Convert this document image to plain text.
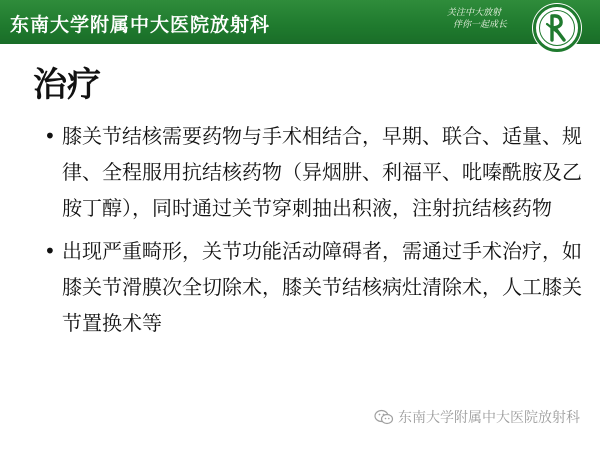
东南大学附属中大医院放射科
关注中大放射
伴你一起成长
治疗
• 膝关节结核需要药物与手术相结合，早期、联合、适量、规律、全程服用抗结核药物（异烟肼、利福平、吡嗪酰胺及乙胺丁醇），同时通过关节穿刺抽出积液，注射抗结核药物
• 出现严重畸形，关节功能活动障碍者，需通过手术治疗，如膝关节滑膜次全切除术，膝关节结核病灶清除术，人工膝关节置换术等
东南大学附属中大医院放射科
